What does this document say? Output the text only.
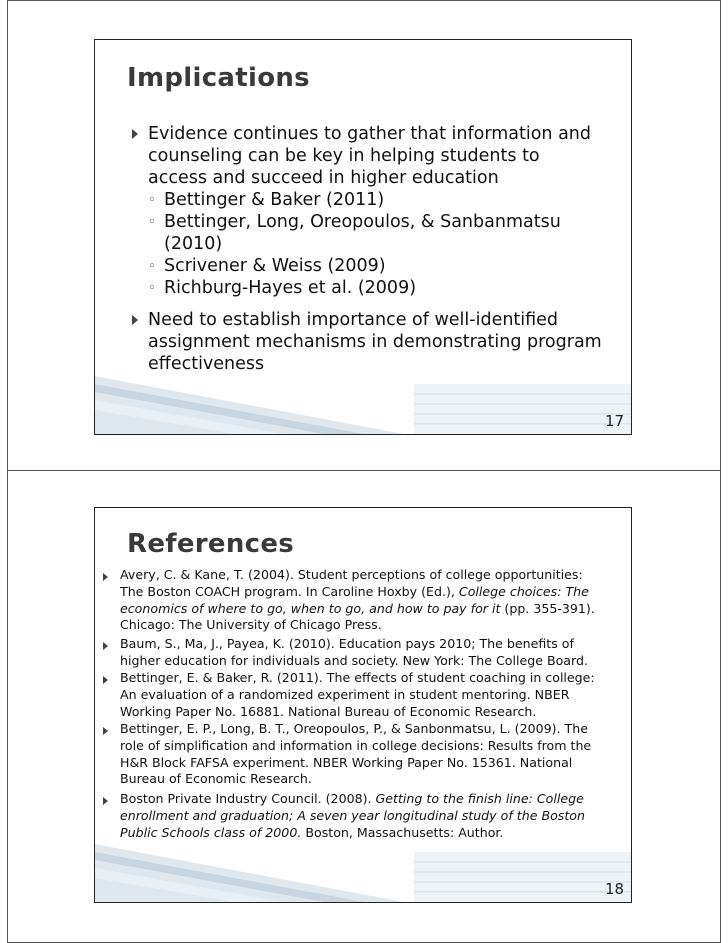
Implications
Evidence continues to gather that information and
counseling can be key in helping students to
access and succeed in higher education
◦ Bettinger & Baker (2011)
◦ Bettinger, Long, Oreopoulos, & Sanbanmatsu
(2010)
◦ Scrivener & Weiss (2009)
◦ Richburg-Hayes et al. (2009)
Need to establish importance of well-identified
assignment mechanisms in demonstrating program
effectiveness
17
References
18
Avery, C. & Kane, T. (2004). Student perceptions of college opportunities:
The Boston COACH program. In Caroline Hoxby (Ed.), College choices: The
economics of where to go, when to go, and how to pay for it (pp. 355-391).
Chicago: The University of Chicago Press.
Baum, S., Ma, J., Payea, K. (2010). Education pays 2010; The benefits of
higher education for individuals and society. New York: The College Board.
Bettinger, E. & Baker, R. (2011). The effects of student coaching in college:
An evaluation of a randomized experiment in student mentoring. NBER
Working Paper No. 16881. National Bureau of Economic Research.
Bettinger, E. P., Long, B. T., Oreopoulos, P., & Sanbonmatsu, L. (2009). The
role of simplification and information in college decisions: Results from the
H&R Block FAFSA experiment. NBER Working Paper No. 15361. National
Bureau of Economic Research.
Boston Private Industry Council. (2008). Getting to the finish line: College
enrollment and graduation; A seven year longitudinal study of the Boston
Public Schools class of 2000. Boston, Massachusetts: Author.
